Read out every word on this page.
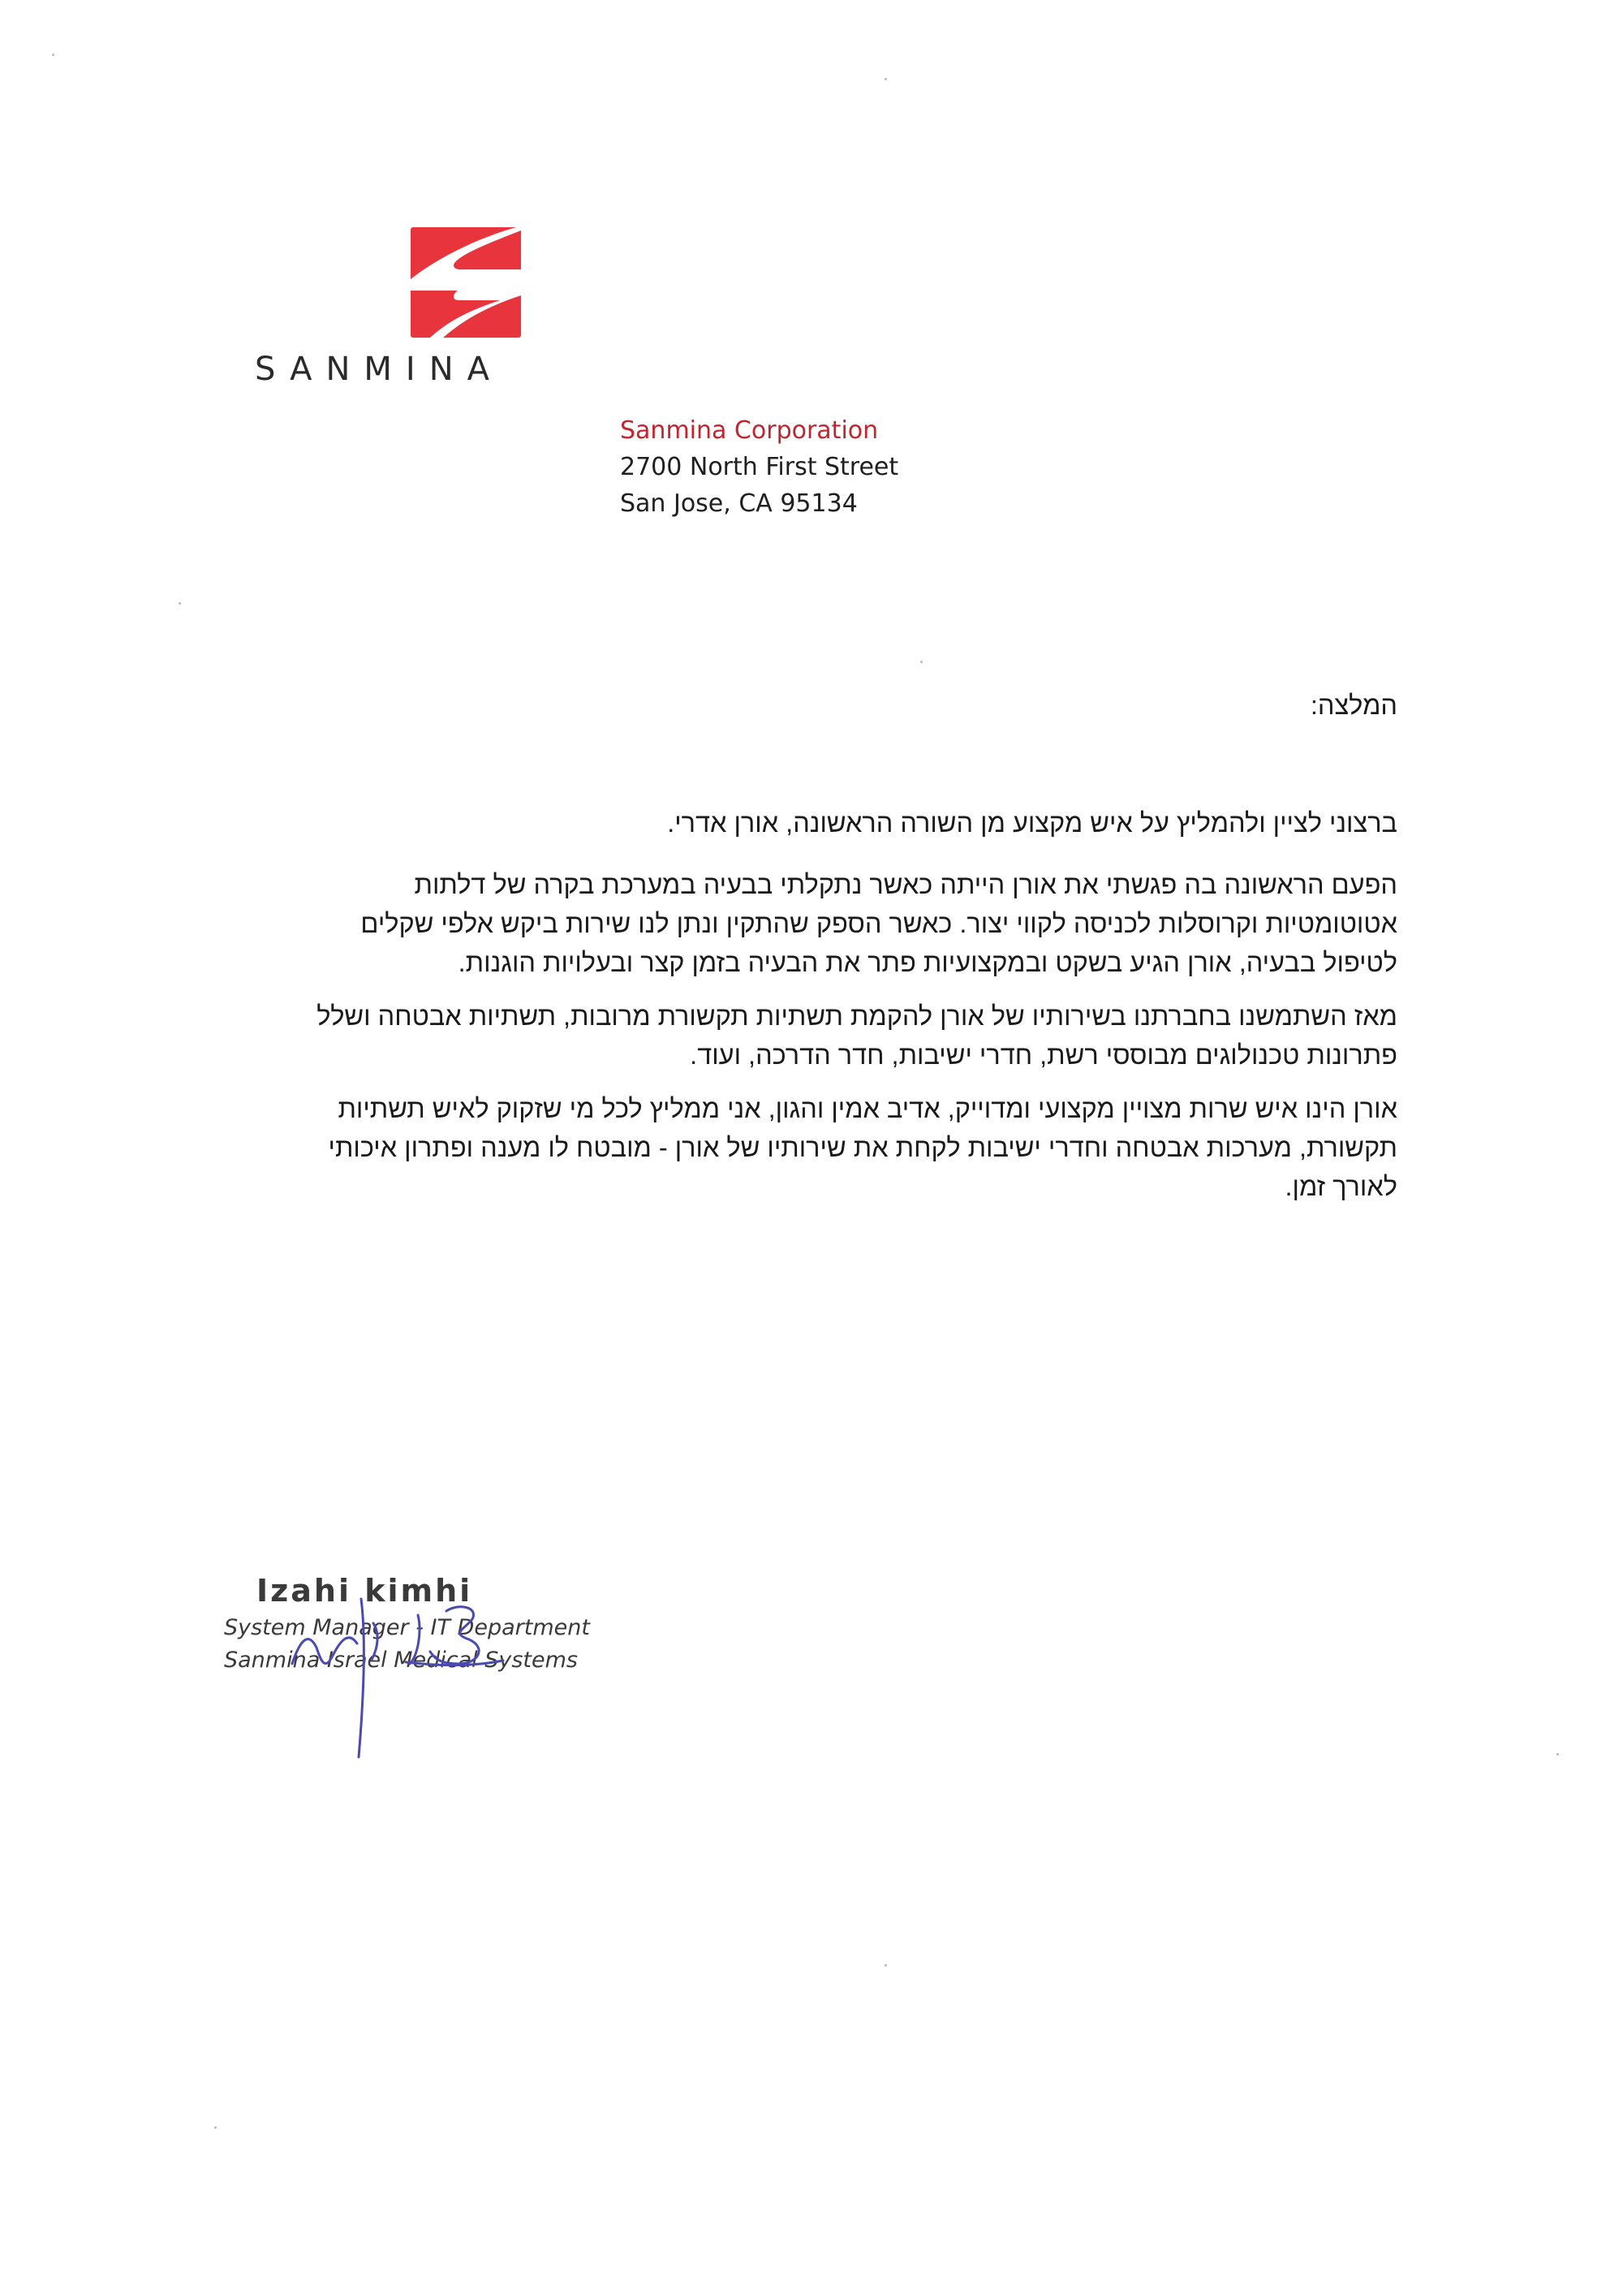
SANMINA
Sanmina Corporation
2700 North First Street
San Jose, CA 95134
המלצה:
ברצוני לציין ולהמליץ על איש מקצוע מן השורה הראשונה, אורן אדרי.
הפעם הראשונה בה פגשתי את אורן הייתה כאשר נתקלתי בבעיה במערכת בקרה של דלתות
אטוטומטיות וקרוסלות לכניסה לקווי יצור. כאשר הספק שהתקין ונתן לנו שירות ביקש אלפי שקלים
לטיפול בבעיה, אורן הגיע בשקט ובמקצועיות פתר את הבעיה בזמן קצר ובעלויות הוגנות.
מאז השתמשנו בחברתנו בשירותיו של אורן להקמת תשתיות תקשורת מרובות, תשתיות אבטחה ושלל
פתרונות טכנולוגים מבוססי רשת, חדרי ישיבות, חדר הדרכה, ועוד.
אורן הינו איש שרות מצויין מקצועי ומדוייק, אדיב אמין והגון, אני ממליץ לכל מי שזקוק לאיש תשתיות
תקשורת, מערכות אבטחה וחדרי ישיבות לקחת את שירותיו של אורן - מובטח לו מענה ופתרון איכותי
לאורך זמן.
Izahi kimhi
System Manager - IT Department
Sanmina Israel Medical Systems
